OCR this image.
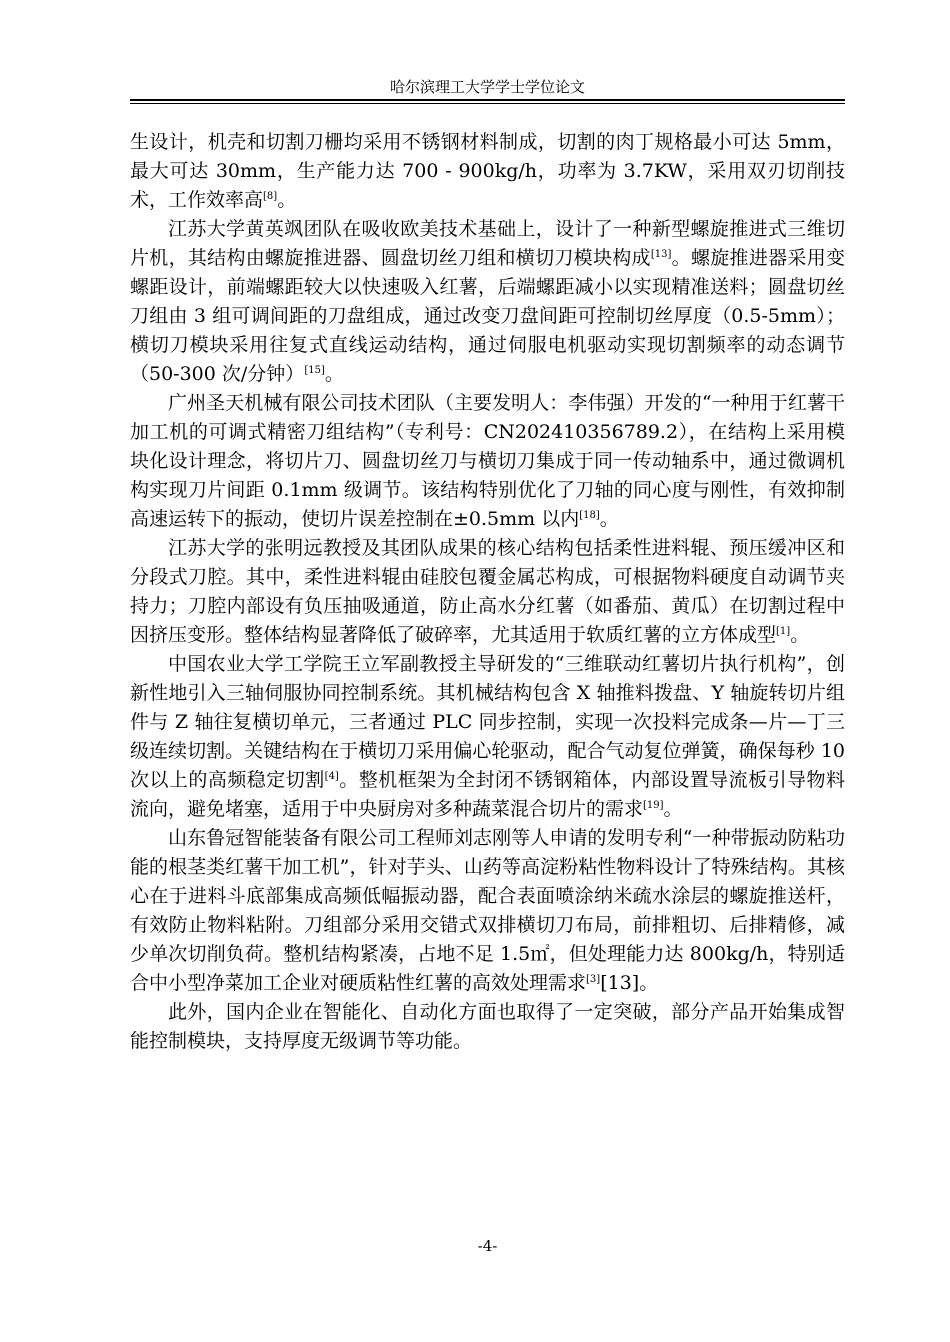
哈尔滨理工大学学士学位论文

生设计，机壳和切割刀栅均采用不锈钢材料制成，切割的肉丁规格最小可达 5mm，最大可达 30mm，生产能力达 700 - 900kg/h，功率为 3.7KW，采用双刃切削技术，工作效率高[8]。

江苏大学黄英飒团队在吸收欧美技术基础上，设计了一种新型螺旋推进式三维切片机，其结构由螺旋推进器、圆盘切丝刀组和横切刀模块构成[13]。螺旋推进器采用变螺距设计，前端螺距较大以快速吸入红薯，后端螺距减小以实现精准送料；圆盘切丝刀组由 3 组可调间距的刀盘组成，通过改变刀盘间距可控制切丝厚度（0.5-5mm）；横切刀模块采用往复式直线运动结构，通过伺服电机驱动实现切割频率的动态调节（50-300 次/分钟）[15]。

广州圣天机械有限公司技术团队（主要发明人：李伟强）开发的“一种用于红薯干加工机的可调式精密刀组结构”（专利号：CN202410356789.2），在结构上采用模块化设计理念，将切片刀、圆盘切丝刀与横切刀集成于同一传动轴系中，通过微调机构实现刀片间距 0.1mm 级调节。该结构特别优化了刀轴的同心度与刚性，有效抑制高速运转下的振动，使切片误差控制在±0.5mm 以内[18]。

江苏大学的张明远教授及其团队成果的核心结构包括柔性进料辊、预压缓冲区和分段式刀腔。其中，柔性进料辊由硅胶包覆金属芯构成，可根据物料硬度自动调节夹持力；刀腔内部设有负压抽吸通道，防止高水分红薯（如番茄、黄瓜）在切割过程中因挤压变形。整体结构显著降低了破碎率，尤其适用于软质红薯的立方体成型[1]。

中国农业大学工学院王立军副教授主导研发的“三维联动红薯切片执行机构”，创新性地引入三轴伺服协同控制系统。其机械结构包含 X 轴推料拨盘、Y 轴旋转切片组件与 Z 轴往复横切单元，三者通过 PLC 同步控制，实现一次投料完成条—片—丁三级连续切割。关键结构在于横切刀采用偏心轮驱动，配合气动复位弹簧，确保每秒 10 次以上的高频稳定切割[4]。整机框架为全封闭不锈钢箱体，内部设置导流板引导物料流向，避免堵塞，适用于中央厨房对多种蔬菜混合切片的需求[19]。

山东鲁冠智能装备有限公司工程师刘志刚等人申请的发明专利“一种带振动防粘功能的根茎类红薯干加工机”，针对芋头、山药等高淀粉粘性物料设计了特殊结构。其核心在于进料斗底部集成高频低幅振动器，配合表面喷涂纳米疏水涂层的螺旋推送杆，有效防止物料粘附。刀组部分采用交错式双排横切刀布局，前排粗切、后排精修，减少单次切削负荷。整机结构紧凑，占地不足 1.5㎡，但处理能力达 800kg/h，特别适合中小型净菜加工企业对硬质粘性红薯的高效处理需求[3][13]。

此外，国内企业在智能化、自动化方面也取得了一定突破，部分产品开始集成智能控制模块，支持厚度无级调节等功能。

-4-
